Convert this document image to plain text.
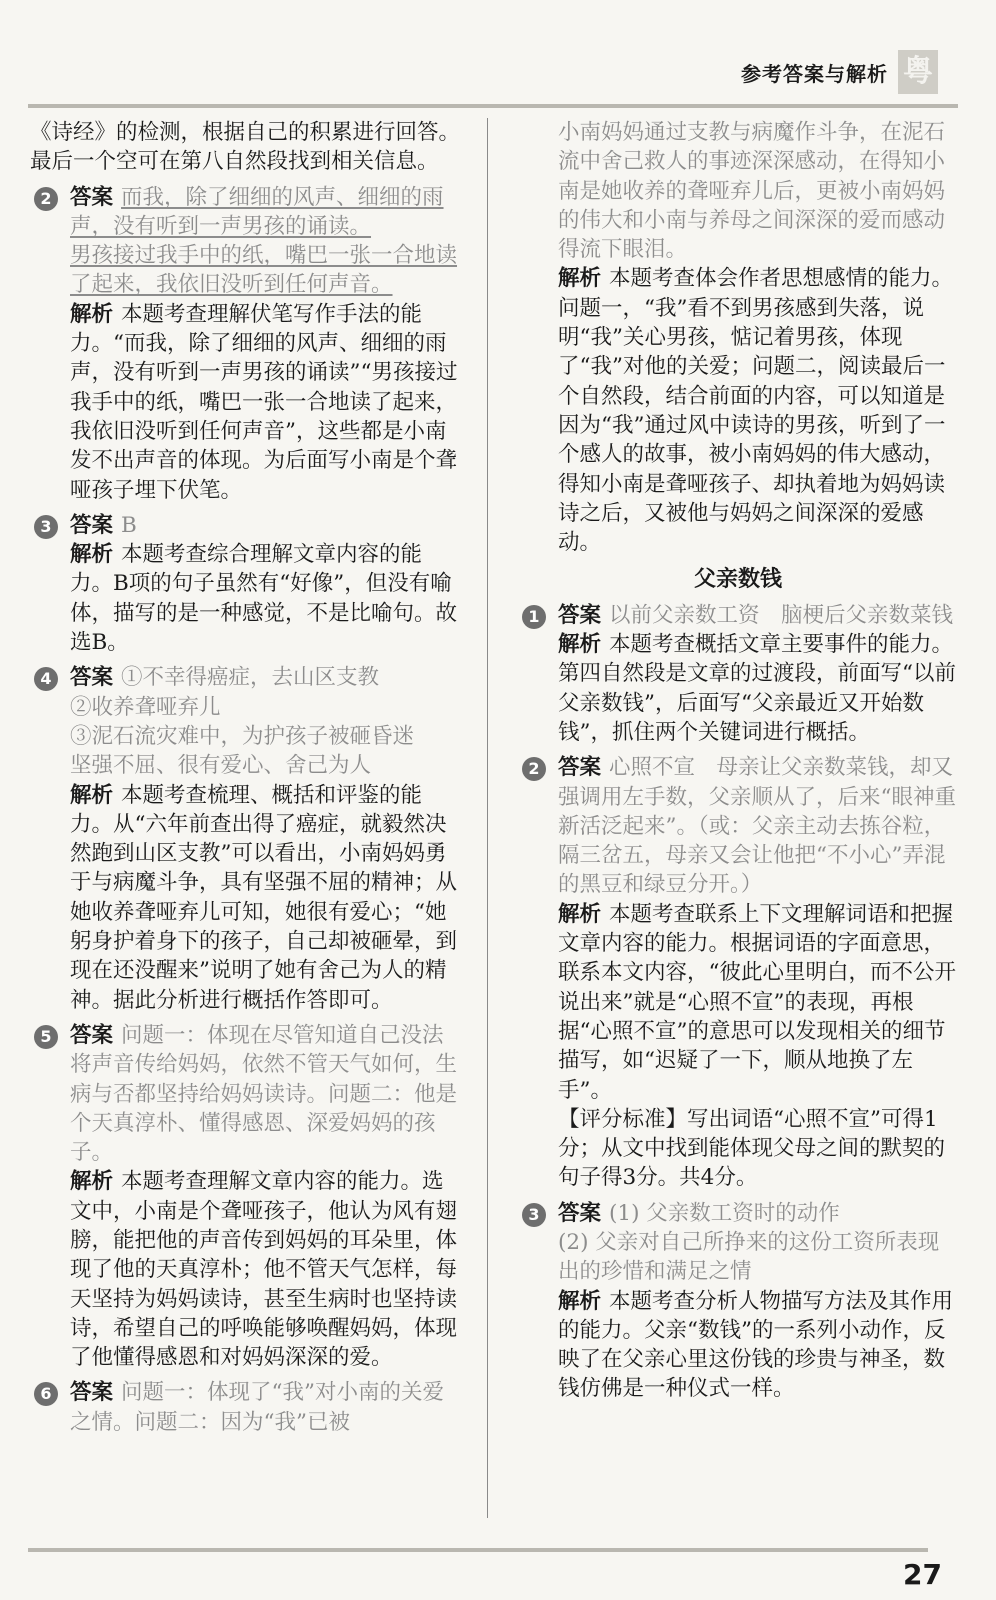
参考答案与解析 粤

《诗经》的检测，根据自己的积累进行回答。最后一个空可在第八自然段找到相关信息。

2 答案 而我，除了细细的风声、细细的雨声，没有听到一声男孩的诵读。

男孩接过我手中的纸，嘴巴一张一合地读了起来，我依旧没听到任何声音。

解析 本题考查理解伏笔写作手法的能力。“而我，除了细细的风声、细细的雨声，没有听到一声男孩的诵读”“男孩接过我手中的纸，嘴巴一张一合地读了起来，我依旧没听到任何声音”，这些都是小南发不出声音的体现。为后面写小南是个聋哑孩子埋下伏笔。

3 答案 B

解析 本题考查综合理解文章内容的能力。B项的句子虽然有“好像”，但没有喻体，描写的是一种感觉，不是比喻句。故选B。

4 答案 ①不幸得癌症，去山区支教

②收养聋哑弃儿

③泥石流灾难中，为护孩子被砸昏迷

坚强不屈、很有爱心、舍己为人

解析 本题考查梳理、概括和评鉴的能力。从“六年前查出得了癌症，就毅然决然跑到山区支教”可以看出，小南妈妈勇于与病魔斗争，具有坚强不屈的精神；从她收养聋哑弃儿可知，她很有爱心；“她躬身护着身下的孩子，自己却被砸晕，到现在还没醒来”说明了她有舍己为人的精神。据此分析进行概括作答即可。

5 答案 问题一：体现在尽管知道自己没法将声音传给妈妈，依然不管天气如何，生病与否都坚持给妈妈读诗。问题二：他是个天真淳朴、懂得感恩、深爱妈妈的孩子。

解析 本题考查理解文章内容的能力。选文中，小南是个聋哑孩子，他认为风有翅膀，能把他的声音传到妈妈的耳朵里，体现了他的天真淳朴；他不管天气怎样，每天坚持为妈妈读诗，甚至生病时也坚持读诗，希望自己的呼唤能够唤醒妈妈，体现了他懂得感恩和对妈妈深深的爱。

6 答案 问题一：体现了“我”对小南的关爱之情。问题二：因为“我”已被

小南妈妈通过支教与病魔作斗争，在泥石流中舍己救人的事迹深深感动，在得知小南是她收养的聋哑弃儿后，更被小南妈妈的伟大和小南与养母之间深深的爱而感动得流下眼泪。

解析 本题考查体会作者思想感情的能力。问题一，“我”看不到男孩感到失落，说明“我”关心男孩，惦记着男孩，体现了“我”对他的关爱；问题二，阅读最后一个自然段，结合前面的内容，可以知道是因为“我”通过风中读诗的男孩，听到了一个感人的故事，被小南妈妈的伟大感动，得知小南是聋哑孩子、却执着地为妈妈读诗之后，又被他与妈妈之间深深的爱感动。

父亲数钱
1 答案 以前父亲数工资　脑梗后父亲数菜钱

解析 本题考查概括文章主要事件的能力。第四自然段是文章的过渡段，前面写“以前父亲数钱”，后面写“父亲最近又开始数钱”，抓住两个关键词进行概括。

2 答案 心照不宣　母亲让父亲数菜钱，却又强调用左手数，父亲顺从了，后来“眼神重新活泛起来”。（或：父亲主动去拣谷粒，隔三岔五，母亲又会让他把“不小心”弄混的黑豆和绿豆分开。）

解析 本题考查联系上下文理解词语和把握文章内容的能力。根据词语的字面意思，联系本文内容，“彼此心里明白，而不公开说出来”就是“心照不宣”的表现，再根据“心照不宣”的意思可以发现相关的细节描写，如“迟疑了一下，顺从地换了左手”。

【评分标准】写出词语“心照不宣”可得1分；从文中找到能体现父母之间的默契的句子得3分。共4分。

3 答案 (1) 父亲数工资时的动作

(2) 父亲对自己所挣来的这份工资所表现出的珍惜和满足之情

解析 本题考查分析人物描写方法及其作用的能力。父亲“数钱”的一系列小动作，反映了在父亲心里这份钱的珍贵与神圣，数钱仿佛是一种仪式一样。

27
